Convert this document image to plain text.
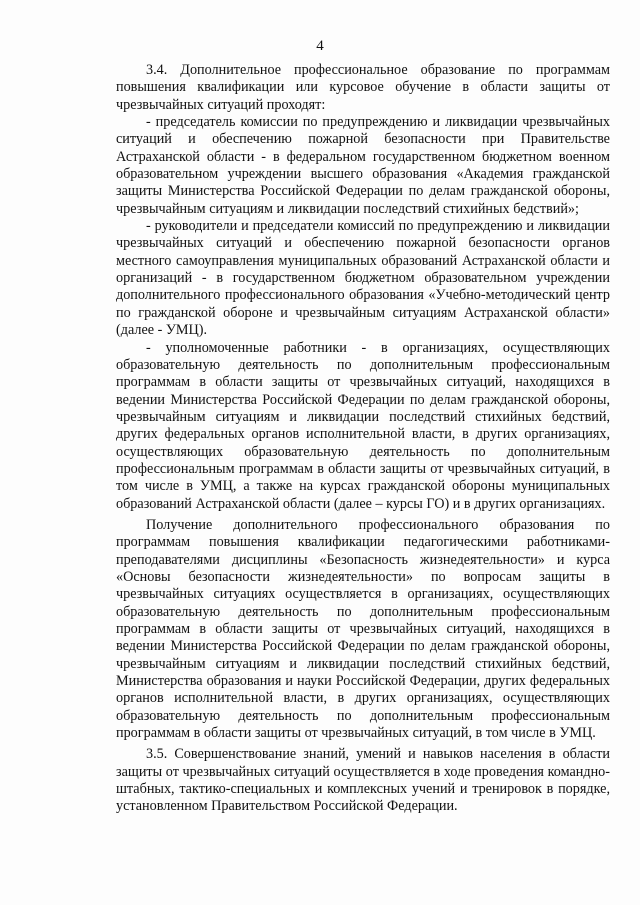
4

3.4. Дополнительное профессиональное образование по программам повышения квалификации или курсовое обучение в области защиты от чрезвычайных ситуаций проходят:

- председатель комиссии по предупреждению и ликвидации чрезвычайных ситуаций и обеспечению пожарной безопасности при Правительстве Астраханской области - в федеральном государственном бюджетном военном образовательном учреждении высшего образования «Академия гражданской защиты Министерства Российской Федерации по делам гражданской обороны, чрезвычайным ситуациям и ликвидации последствий стихийных бедствий»;

- руководители и председатели комиссий по предупреждению и ликвидации чрезвычайных ситуаций и обеспечению пожарной безопасности органов местного самоуправления муниципальных образований Астраханской области и организаций - в государственном бюджетном образовательном учреждении дополнительного профессионального образования «Учебно-методический центр по гражданской обороне и чрезвычайным ситуациям Астраханской области» (далее - УМЦ).

- уполномоченные работники - в организациях, осуществляющих образовательную деятельность по дополнительным профессиональным программам в области защиты от чрезвычайных ситуаций, находящихся в ведении Министерства Российской Федерации по делам гражданской обороны, чрезвычайным ситуациям и ликвидации последствий стихийных бедствий, других федеральных органов исполнительной власти, в других организациях, осуществляющих образовательную деятельность по дополнительным профессиональным программам в области защиты от чрезвычайных ситуаций, в том числе в УМЦ, а также на курсах гражданской обороны муниципальных образований Астраханской области (далее – курсы ГО) и в других организациях.

Получение дополнительного профессионального образования по программам повышения квалификации педагогическими работниками-преподавателями дисциплины «Безопасность жизнедеятельности» и курса «Основы безопасности жизнедеятельности» по вопросам защиты в чрезвычайных ситуациях осуществляется в организациях, осуществляющих образовательную деятельность по дополнительным профессиональным программам в области защиты от чрезвычайных ситуаций, находящихся в ведении Министерства Российской Федерации по делам гражданской обороны, чрезвычайным ситуациям и ликвидации последствий стихийных бедствий, Министерства образования и науки Российской Федерации, других федеральных органов исполнительной власти, в других организациях, осуществляющих образовательную деятельность по дополнительным профессиональным программам в области защиты от чрезвычайных ситуаций, в том числе в УМЦ.

3.5. Совершенствование знаний, умений и навыков населения в области защиты от чрезвычайных ситуаций осуществляется в ходе проведения командно-штабных, тактико-специальных и комплексных учений и тренировок в порядке, установленном Правительством Российской Федерации.
